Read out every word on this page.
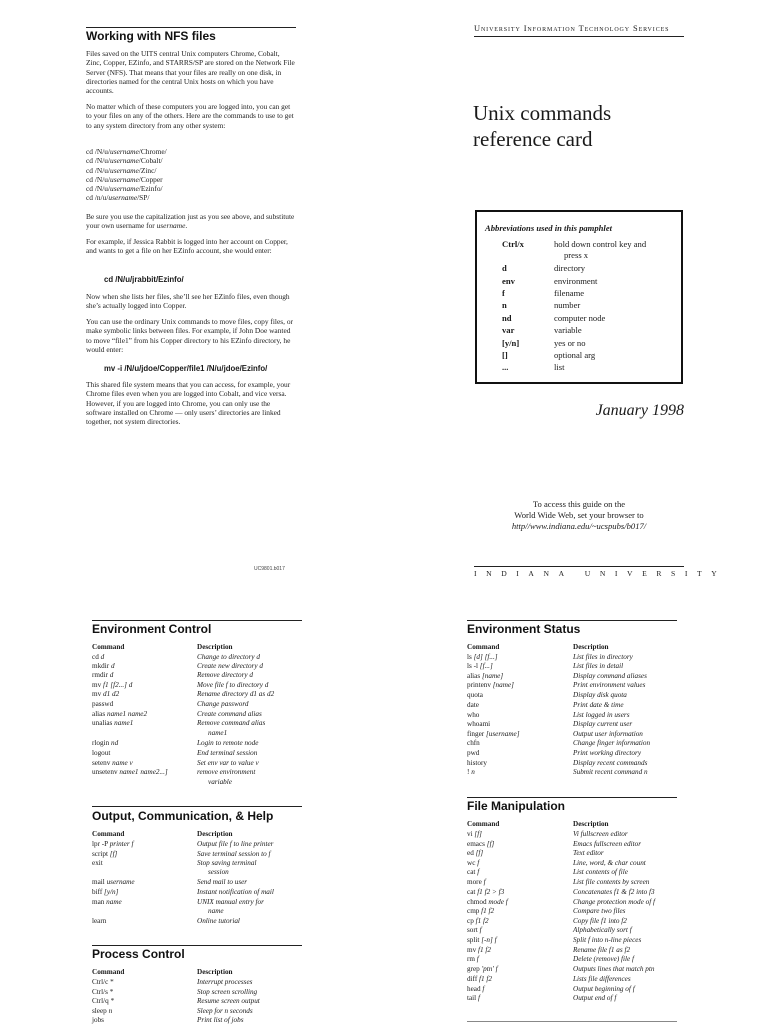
Working with NFS files
Files saved on the UITS central Unix computers Chrome, Cobalt, Zinc, Copper, EZinfo, and STARRS/SP are stored on the Network File Server (NFS). That means that your files are really on one disk, in directories named for the central Unix hosts on which you have accounts.
No matter which of these computers you are logged into, you can get to your files on any of the others. Here are the commands to use to get to any system directory from any other system:
cd /N/u/username/Chrome/
cd /N/u/username/Cobalt/
cd /N/u/username/Zinc/
cd /N/u/username/Copper
cd /N/u/username/Ezinfo/
cd /n/u/username/SP/
Be sure you use the capitalization just as you see above, and substitute your own username for username.
For example, if Jessica Rabbit is logged into her account on Copper, and wants to get a file on her EZinfo account, she would enter:
cd /N/u/jrabbit/Ezinfo/
Now when she lists her files, she’ll see her EZinfo files, even though she’s actually logged into Copper.
You can use the ordinary Unix commands to move files, copy files, or make symbolic links between files. For example, if John Doe wanted to move “file1” from his Copper directory to his EZinfo directory, he would enter:
mv -i /N/u/jdoe/Copper/file1 /N/u/jdoe/Ezinfo/
This shared file system means that you can access, for example, your Chrome files even when you are logged into Cobalt, and vice versa. However, if you are logged into Chrome, you can only use the software installed on Chrome — only users’ directories are linked together, not system directories.
UC9801.b017
University Information Technology Services
Unix commands
reference card
Abbreviations used in this pamphlet
Ctrl/x	hold down control key and
press x
d	directory
env	environment
f	filename
n	number
nd	computer node
var	variable
[y/n]	yes or no
[]	optional arg
...	list
January 1998
To access this guide on the
World Wide Web, set your browser to
http//www.indiana.edu/~ucspubs/b017/
INDIANA UNIVERSITY
Environment Control
Command	Description
cd d	Change to directory d
mkdir d	Create new directory d
rmdir d	Remove directory d
mv f1 [f2...] d	Move file f to directory d
mv d1 d2	Rename directory d1 as d2
passwd	Change password
alias name1 name2	Create command alias
unalias name1	Remove command alias
name1
rlogin nd	Login to remote node
logout	End terminal session
setenv name v	Set env var to value v
unsetenv name1 name2...]	remove environment
variable
Output, Communication, & Help
Command	Description
lpr -P printer f	Output file f to line printer
script [f]	Save terminal session to f
exit	Stop saving terminal
session
mail username	Send mail to user
biff [y/n]	Instant notification of mail
man name	UNIX manual entry for
name
learn	Online tutorial
Process Control
Command	Description
Ctrl/c *	Interrupt processes
Ctrl/s *	Stop screen scrolling
Ctrl/q *	Resume screen output
sleep n	Sleep for n seconds
jobs	Print list of jobs
Environment Status
Command	Description
ls [d] [f...]	List files in directory
ls -l [f...]	List files in detail
alias [name]	Display command aliases
printenv [name]	Print environment values
quota	Display disk quota
date	Print date & time
who	List logged in users
whoami	Display current user
finger [username]	Output user information
chfn	Change finger information
pwd	Print working directory
history	Display recent commands
! n	Submit recent command n
File Manipulation
Command	Description
vi [f]	Vi fullscreen editor
emacs [f]	Emacs fullscreen editor
ed [f]	Text editor
wc f	Line, word, & char count
cat f	List contents of file
more f	List file contents by screen
cat f1 f2 > f3	Concatenates f1 & f2 into f3
chmod mode f	Change protection mode of f
cmp f1 f2	Compare two files
cp f1 f2	Copy file f1 into f2
sort f	Alphabetically sort f
split [-n] f	Split f into n-line pieces
mv f1 f2	Rename file f1 as f2
rm f	Delete (remove) file f
grep 'ptn' f	Outputs lines that match ptn
diff f1 f2	Lists file differences
head f	Output beginning of f
tail f	Output end of f
